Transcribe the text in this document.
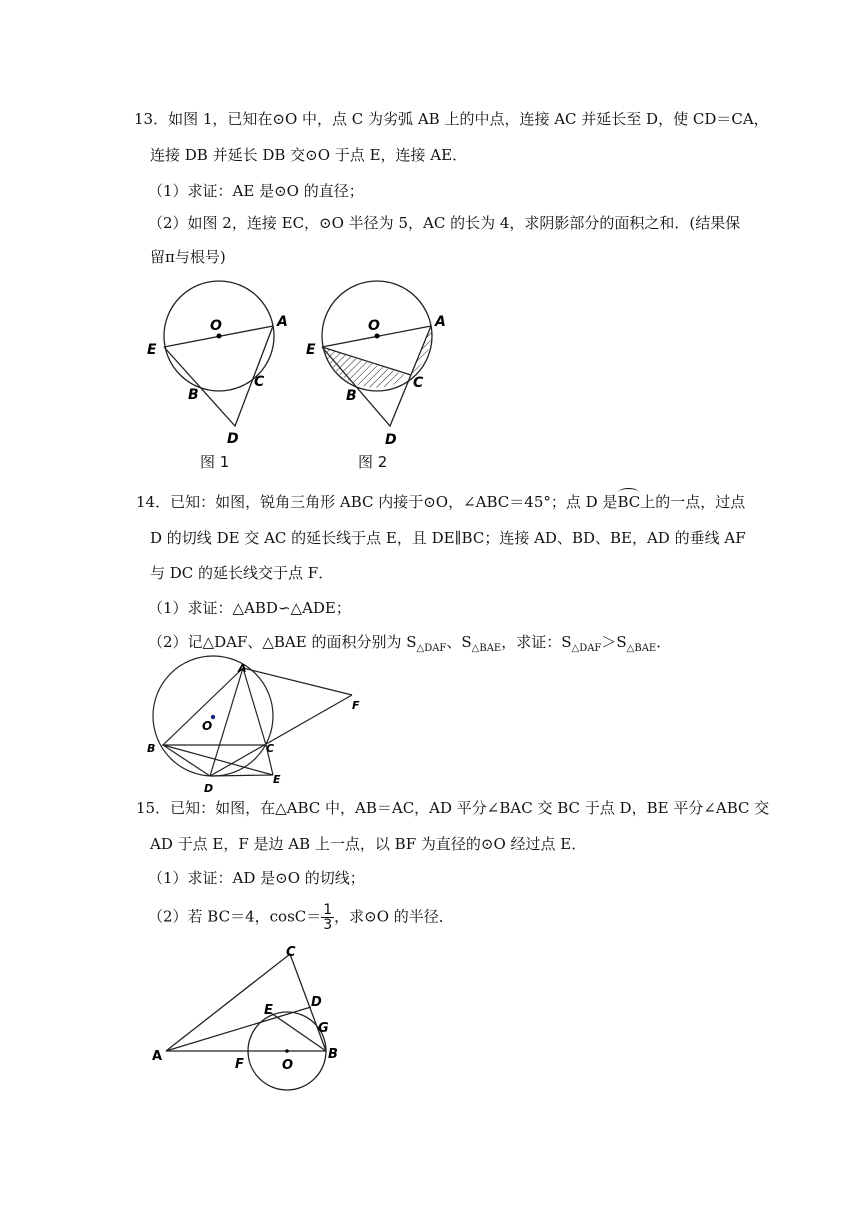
13．如图 1，已知在⊙O 中，点 C 为劣弧 AB 上的中点，连接 AC 并延长至 D，使 CD＝CA，
连接 DB 并延长 DB 交⊙O 于点 E，连接 AE．
（1）求证：AE 是⊙O 的直径；
（2）如图 2，连接 EC，⊙O 半径为 5，AC 的长为 4，求阴影部分的面积之和．(结果保
留π与根号)
O	A
E
B
C
D
图 1
O	A
E
B
C
D
图 2
14．已知：如图，锐角三角形 ABC 内接于⊙O，∠ABC＝45°；点 D 是BC上的一点，过点
D 的切线 DE 交 AC 的延长线于点 E，且 DE∥BC；连接 AD、BD、BE，AD 的垂线 AF
与 DC 的延长线交于点 F．
（1）求证：△ABD∽△ADE；
（2）记△DAF、△BAE 的面积分别为 $S_{\triangle DAF}$、$S_{\triangle BAE}$，求证：$S_{\triangle DAF}>S_{\triangle BAE}$．
A
O
B	C
D
E
F
15．已知：如图，在△ABC 中，AB＝AC，AD 平分∠BAC 交 BC 于点 D，BE 平分∠ABC 交
AD 于点 E，F 是边 AB 上一点，以 BF 为直径的⊙O 经过点 E．
（1）求证：AD 是⊙O 的切线；
（2）若 BC＝4，$\cos C= \frac{1}{3}$ ，求⊙O 的半径．
C
E
D
G
A
F	O
B
